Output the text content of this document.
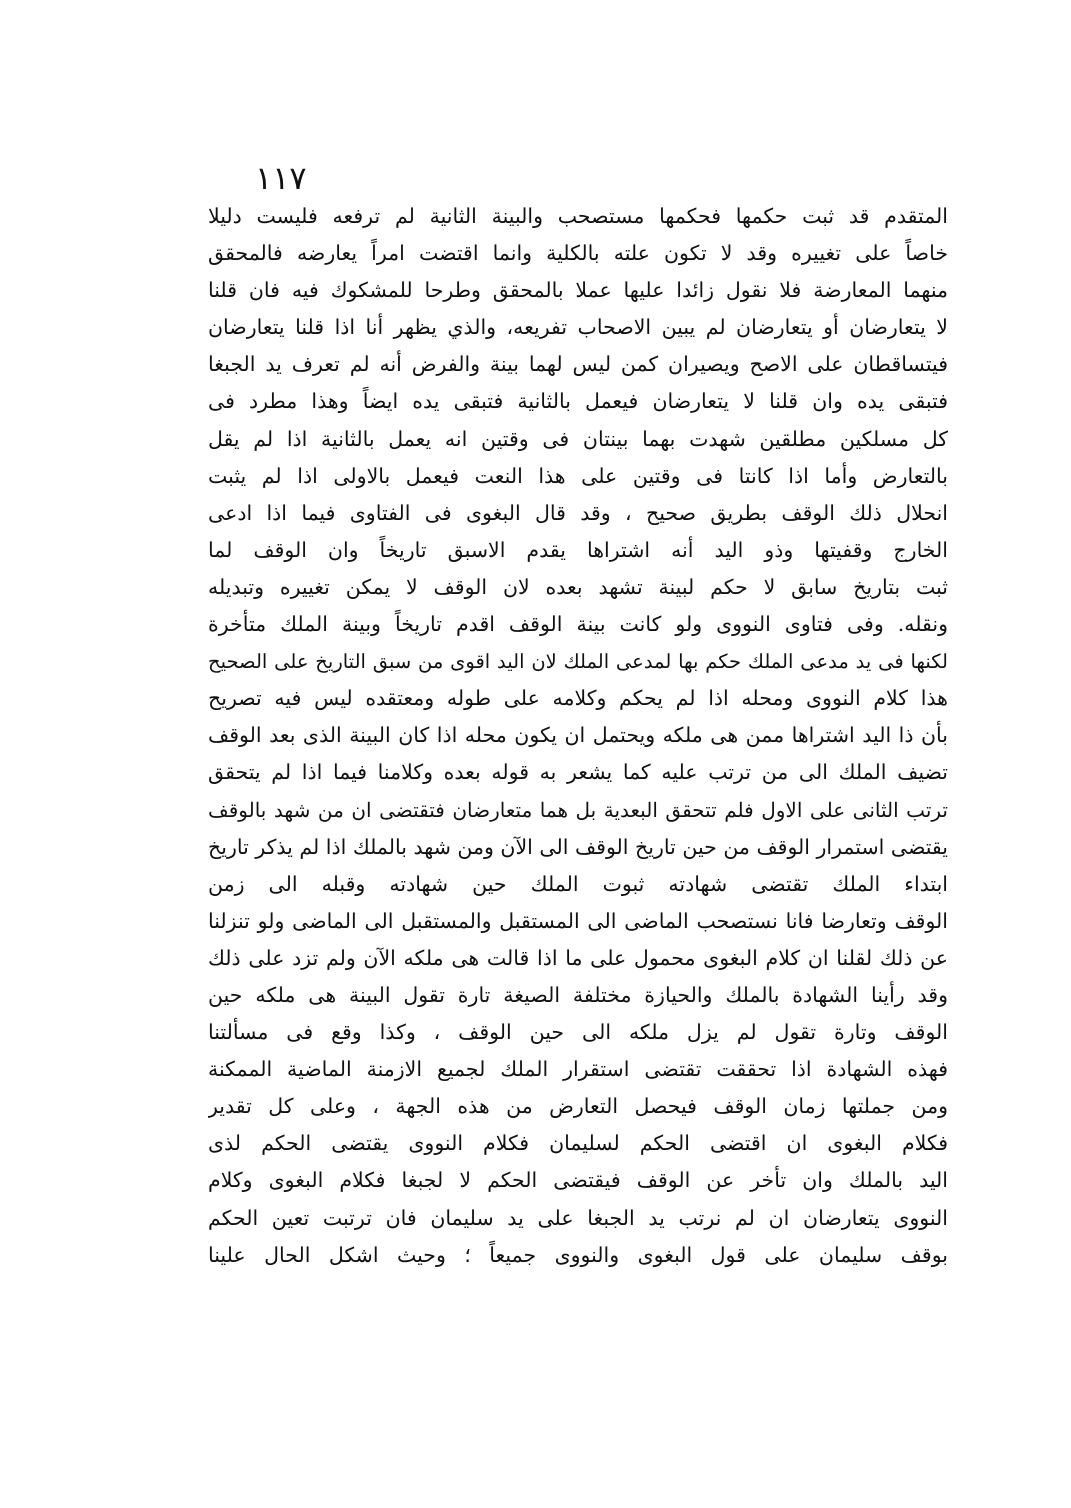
١١٧
المتقدم قد ثبت حكمها فحكمها مستصحب والبينة الثانية لم ترفعه فليست دليلا
خاصاً على تغييره وقد لا تكون علته بالكلية وانما اقتضت امراً يعارضه فالمحقق
منهما المعارضة فلا نقول زائدا عليها عملا بالمحقق وطرحا للمشكوك فيه فان قلنا
لا يتعارضان أو يتعارضان لم يبين الاصحاب تفريعه، والذي يظهر أنا اذا قلنا يتعارضان
فيتساقطان على الاصح ويصيران كمن ليس لهما بينة والفرض أنه لم تعرف يد الجبغا
فتبقى يده وان قلنا لا يتعارضان فيعمل بالثانية فتبقى يده ايضاً وهذا مطرد فى
كل مسلكين مطلقين شهدت بهما بينتان فى وقتين انه يعمل بالثانية اذا لم يقل
بالتعارض وأما اذا كانتا فى وقتين على هذا النعت فيعمل بالاولى اذا لم يثبت
انحلال ذلك الوقف بطريق صحيح ، وقد قال البغوى فى الفتاوى فيما اذا ادعى
الخارج وقفيتها وذو اليد أنه اشتراها يقدم الاسبق تاريخاً وان الوقف لما
ثبت بتاريخ سابق لا حكم لبينة تشهد بعده لان الوقف لا يمكن تغييره وتبديله
ونقله. وفى فتاوى النووى ولو كانت بينة الوقف اقدم تاريخاً وبينة الملك متأخرة
لكنها فى يد مدعى الملك حكم بها لمدعى الملك لان اليد اقوى من سبق التاريخ على الصحيح
هذا كلام النووى ومحله اذا لم يحكم وكلامه على طوله ومعتقده ليس فيه تصريح
بأن ذا اليد اشتراها ممن هى ملكه ويحتمل ان يكون محله اذا كان البينة الذى بعد الوقف
تضيف الملك الى من ترتب عليه كما يشعر به قوله بعده وكلامنا فيما اذا لم يتحقق
ترتب الثانى على الاول فلم تتحقق البعدية بل هما متعارضان فتقتضى ان من شهد بالوقف
يقتضى استمرار الوقف من حين تاريخ الوقف الى الآن ومن شهد بالملك اذا لم يذكر تاريخ
ابتداء الملك تقتضى شهادته ثبوت الملك حين شهادته وقبله الى زمن
الوقف وتعارضا فانا نستصحب الماضى الى المستقبل والمستقبل الى الماضى ولو تنزلنا
عن ذلك لقلنا ان كلام البغوى محمول على ما اذا قالت هى ملكه الآن ولم تزد على ذلك
وقد رأينا الشهادة بالملك والحيازة مختلفة الصيغة تارة تقول البينة هى ملكه حين
الوقف وتارة تقول لم يزل ملكه الى حين الوقف ، وكذا وقع فى مسألتنا
فهذه الشهادة اذا تحققت تقتضى استقرار الملك لجميع الازمنة الماضية الممكنة
ومن جملتها زمان الوقف فيحصل التعارض من هذه الجهة ، وعلى كل تقدير
فكلام البغوى ان اقتضى الحكم لسليمان فكلام النووى يقتضى الحكم لذى
اليد بالملك وان تأخر عن الوقف فيقتضى الحكم لا لجبغا فكلام البغوى وكلام
النووى يتعارضان ان لم نرتب يد الجبغا على يد سليمان فان ترتبت تعين الحكم
بوقف سليمان على قول البغوى والنووى جميعاً ؛ وحيث اشكل الحال علينا
